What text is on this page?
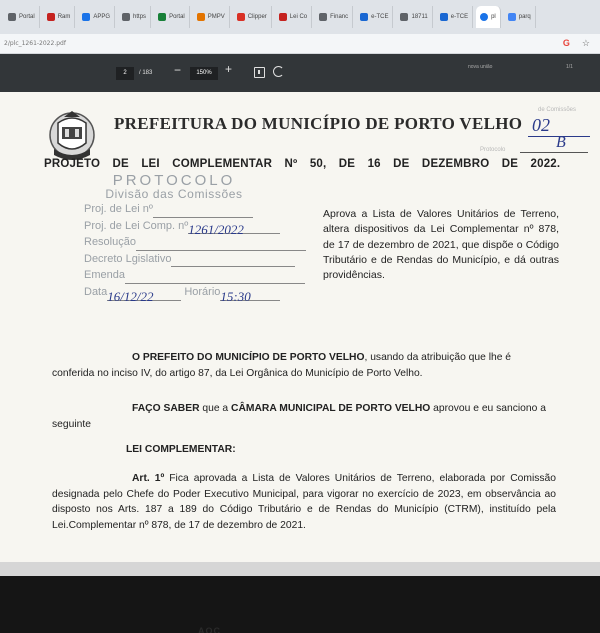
Portal	Ram	APPG	https	Portal	PMPV	Clipper	Lei Co	Financ	e-TCE	18711	e-TCE	pl	parq
2/plc_1261-2022.pdf	G ☆
2	/ 183 −	150%	+	nova união	1/1
PREFEITURA DO MUNICÍPIO DE PORTO VELHO
de Comissões
Protocolo
02
B
PROJETO DE LEI COMPLEMENTAR Nº 50, DE 16 DE DEZEMBRO DE 2022.
PROTOCOLO
Divisão das Comissões
Proj. de Lei nº
Proj. de Lei Comp. nº1261/2022
Resolução
Decreto Lgislativo
Emenda
Data16/12/22	Horário15:30
Aprova a Lista de Valores Unitários de Terreno, altera dispositivos da Lei Complementar nº 878, de 17 de dezembro de 2021, que dispõe o Código Tributário e de Rendas do Município, e dá outras providências.
O PREFEITO DO MUNICÍPIO DE PORTO VELHO, usando da atribuição que lhe é conferida no inciso IV, do artigo 87, da Lei Orgânica do Município de Porto Velho.
FAÇO SABER que a CÂMARA MUNICIPAL DE PORTO VELHO aprovou e eu sanciono a seguinte
LEI COMPLEMENTAR:
Art. 1º Fica aprovada a Lista de Valores Unitários de Terreno, elaborada por Comissão designada pelo Chefe do Poder Executivo Municipal, para vigorar no exercício de 2023, em observância ao disposto nos Arts. 187 a 189 do Código Tributário e de Rendas do Município (CTRM), instituído pela Lei.Complementar nº 878, de 17 de dezembro de 2021.
AOC
